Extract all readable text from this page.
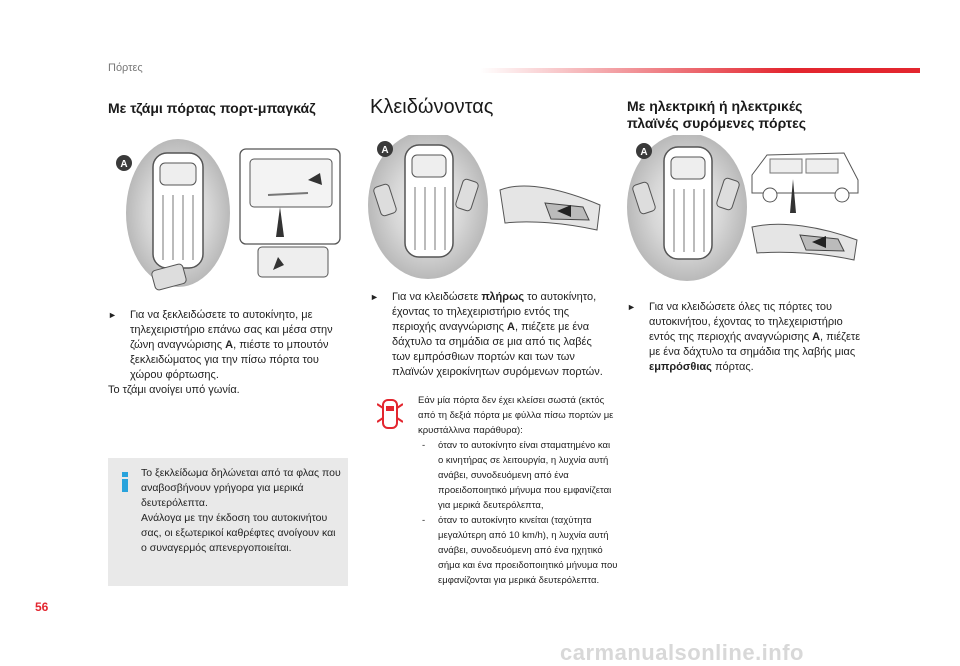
Πόρτες
Με τζάμι πόρτας πορτ-μπαγκάζ
A
►	Για να ξεκλειδώσετε το αυτοκίνητο, με τηλεχειριστήριο επάνω σας και μέσα στην ζώνη αναγνώρισης A, πιέστε το μπουτόν ξεκλειδώματος για την πίσω πόρτα του χώρου φόρτωσης.
Το τζάμι ανοίγει υπό γωνία.
Το ξεκλείδωμα δηλώνεται από τα φλας που αναβοσβήνουν γρήγορα για μερικά δευτερόλεπτα.
Ανάλογα με την έκδοση του αυτοκινήτου σας, οι εξωτερικοί καθρέφτες ανοίγουν και ο συναγερμός απενεργοποιείται.
Κλειδώνοντας
A
►	Για να κλειδώσετε πλήρως το αυτοκίνητο, έχοντας το τηλεχειριστήριο εντός της περιοχής αναγνώρισης A, πιέζετε με ένα δάχτυλο τα σημάδια σε μια από τις λαβές των εμπρόσθιων πορτών και των των πλαϊνών χειροκίνητων συρόμενων πορτών.
Εάν μία πόρτα δεν έχει κλείσει σωστά (εκτός από τη δεξιά πόρτα με φύλλα πίσω πορτών με κρυστάλλινα παράθυρα):
- όταν το αυτοκίνητο είναι σταματημένο και ο κινητήρας σε λειτουργία, η λυχνία αυτή ανάβει, συνοδευόμενη από ένα προειδοποιητικό μήνυμα που εμφανίζεται για μερικά δευτερόλεπτα,
- όταν το αυτοκίνητο κινείται (ταχύτητα μεγαλύτερη από 10 km/h), η λυχνία αυτή ανάβει, συνοδευόμενη από ένα ηχητικό σήμα και ένα προειδοποιητικό μήνυμα που εμφανίζονται για μερικά δευτερόλεπτα.
Με ηλεκτρική ή ηλεκτρικές πλαϊνές συρόμενες πόρτες
A
►	Για να κλειδώσετε όλες τις πόρτες του αυτοκινήτου, έχοντας το τηλεχειριστήριο εντός της περιοχής αναγνώρισης A, πιέζετε με ένα δάχτυλο τα σημάδια της λαβής μιας εμπρόσθιας πόρτας.
56
carmanualsonline.info
